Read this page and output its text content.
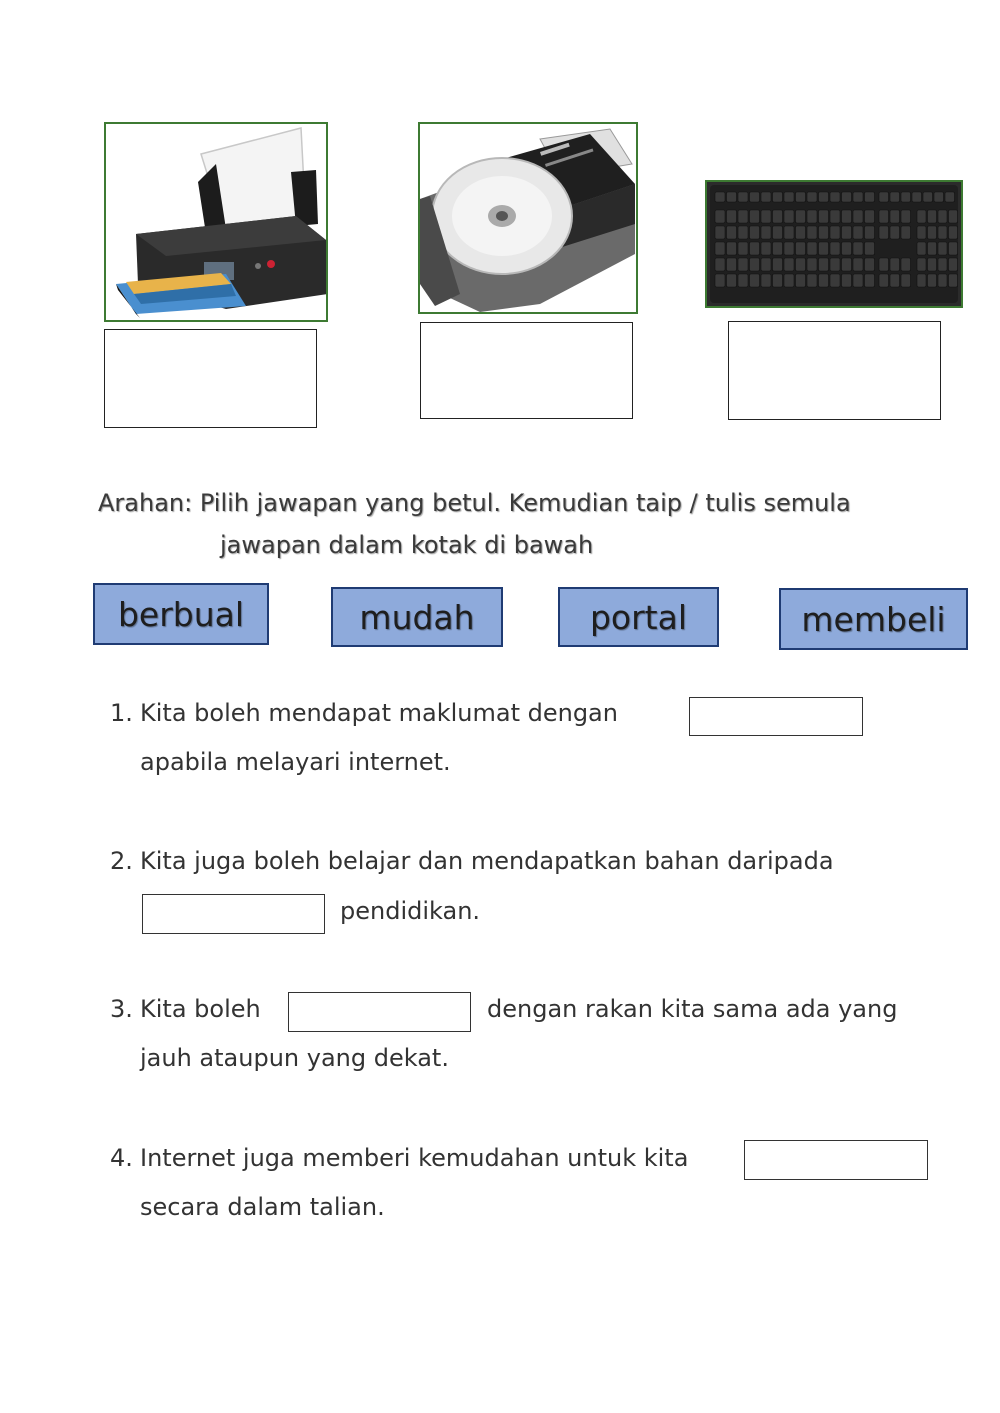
Arahan: Pilih jawapan yang betul. Kemudian taip / tulis semula
jawapan dalam kotak di bawah
berbual	mudah	portal	membeli
1. Kita boleh mendapat maklumat dengan
apabila melayari internet.
2. Kita juga boleh belajar dan mendapatkan bahan daripada
pendidikan.
3. Kita boleh	dengan rakan kita sama ada yang
jauh ataupun yang dekat.
4. Internet juga memberi kemudahan untuk kita
secara dalam talian.
